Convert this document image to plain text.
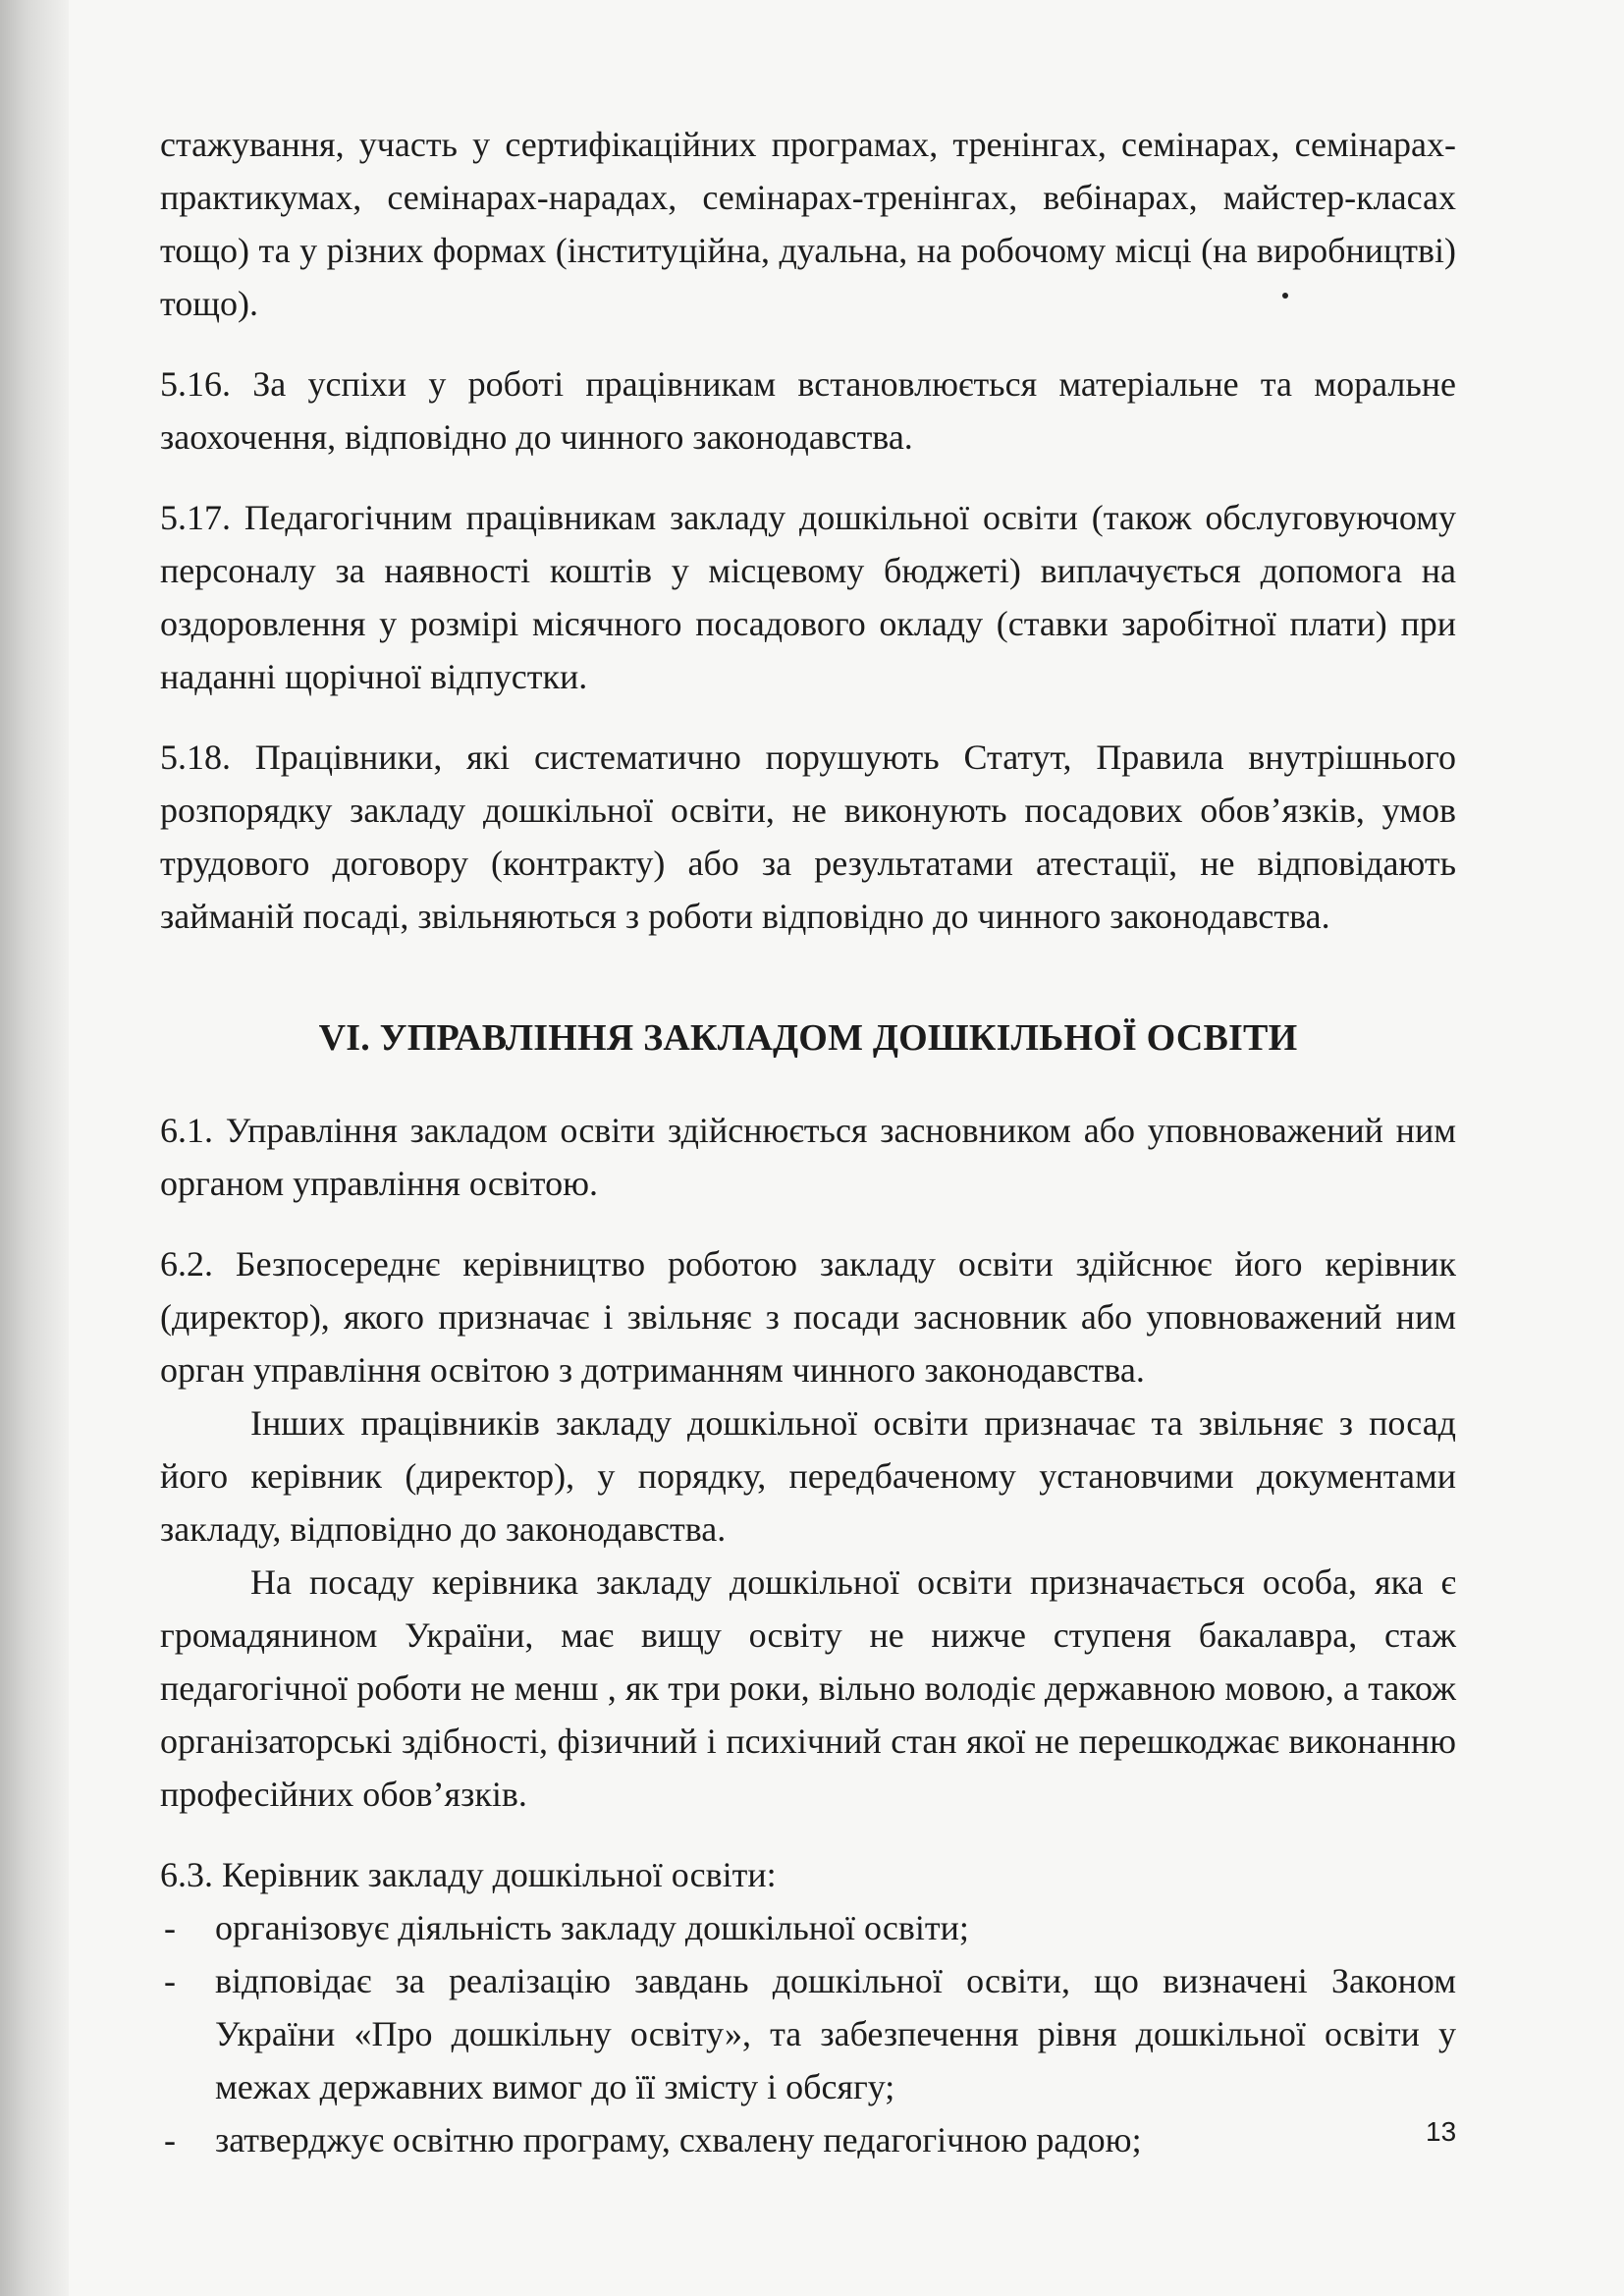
стажування, участь у сертифікаційних програмах, тренінгах, семінарах, семінарах-практикумах, семінарах-нарадах, семінарах-тренінгах, вебінарах, майстер-класах тощо) та у різних формах (інституційна, дуальна, на робочому місці (на виробництві) тощо).

5.16. За успіхи у роботі працівникам встановлюється матеріальне та моральне заохочення, відповідно до чинного законодавства.

5.17. Педагогічним працівникам закладу дошкільної освіти (також обслуговуючому персоналу за наявності коштів у місцевому бюджеті) виплачується допомога на оздоровлення у розмірі місячного посадового окладу (ставки заробітної плати) при наданні щорічної відпустки.

5.18. Працівники, які систематично порушують Статут, Правила внутрішнього розпорядку закладу дошкільної освіти, не виконують посадових обов’язків, умов трудового договору (контракту) або за результатами атестації, не відповідають займаній посаді, звільняються з роботи відповідно до чинного законодавства.

VI. УПРАВЛІННЯ ЗАКЛАДОМ ДОШКІЛЬНОЇ ОСВІТИ

6.1. Управління закладом освіти здійснюється засновником або уповноважений ним органом управління освітою.

6.2. Безпосереднє керівництво роботою закладу освіти здійснює його керівник (директор), якого призначає і звільняє з посади засновник або уповноважений ним орган управління освітою з дотриманням чинного законодавства.

Інших працівників закладу дошкільної освіти призначає та звільняє з посад його керівник (директор), у порядку, передбаченому установчими документами закладу, відповідно до законодавства.

На посаду керівника закладу дошкільної освіти призначається особа, яка є громадянином України, має вищу освіту не нижче ступеня бакалавра, стаж педагогічної роботи не менш , як три роки, вільно володіє державною мовою, а також організаторські здібності, фізичний і психічний стан якої не перешкоджає виконанню професійних обов’язків.

6.3. Керівник закладу дошкільної освіти:

- організовує діяльність закладу дошкільної освіти;
- відповідає за реалізацію завдань дошкільної освіти, що визначені Законом України «Про дошкільну освіту», та забезпечення рівня дошкільної освіти у межах державних вимог до її змісту і обсягу;
- затверджує освітню програму, схвалену педагогічною радою;	13
